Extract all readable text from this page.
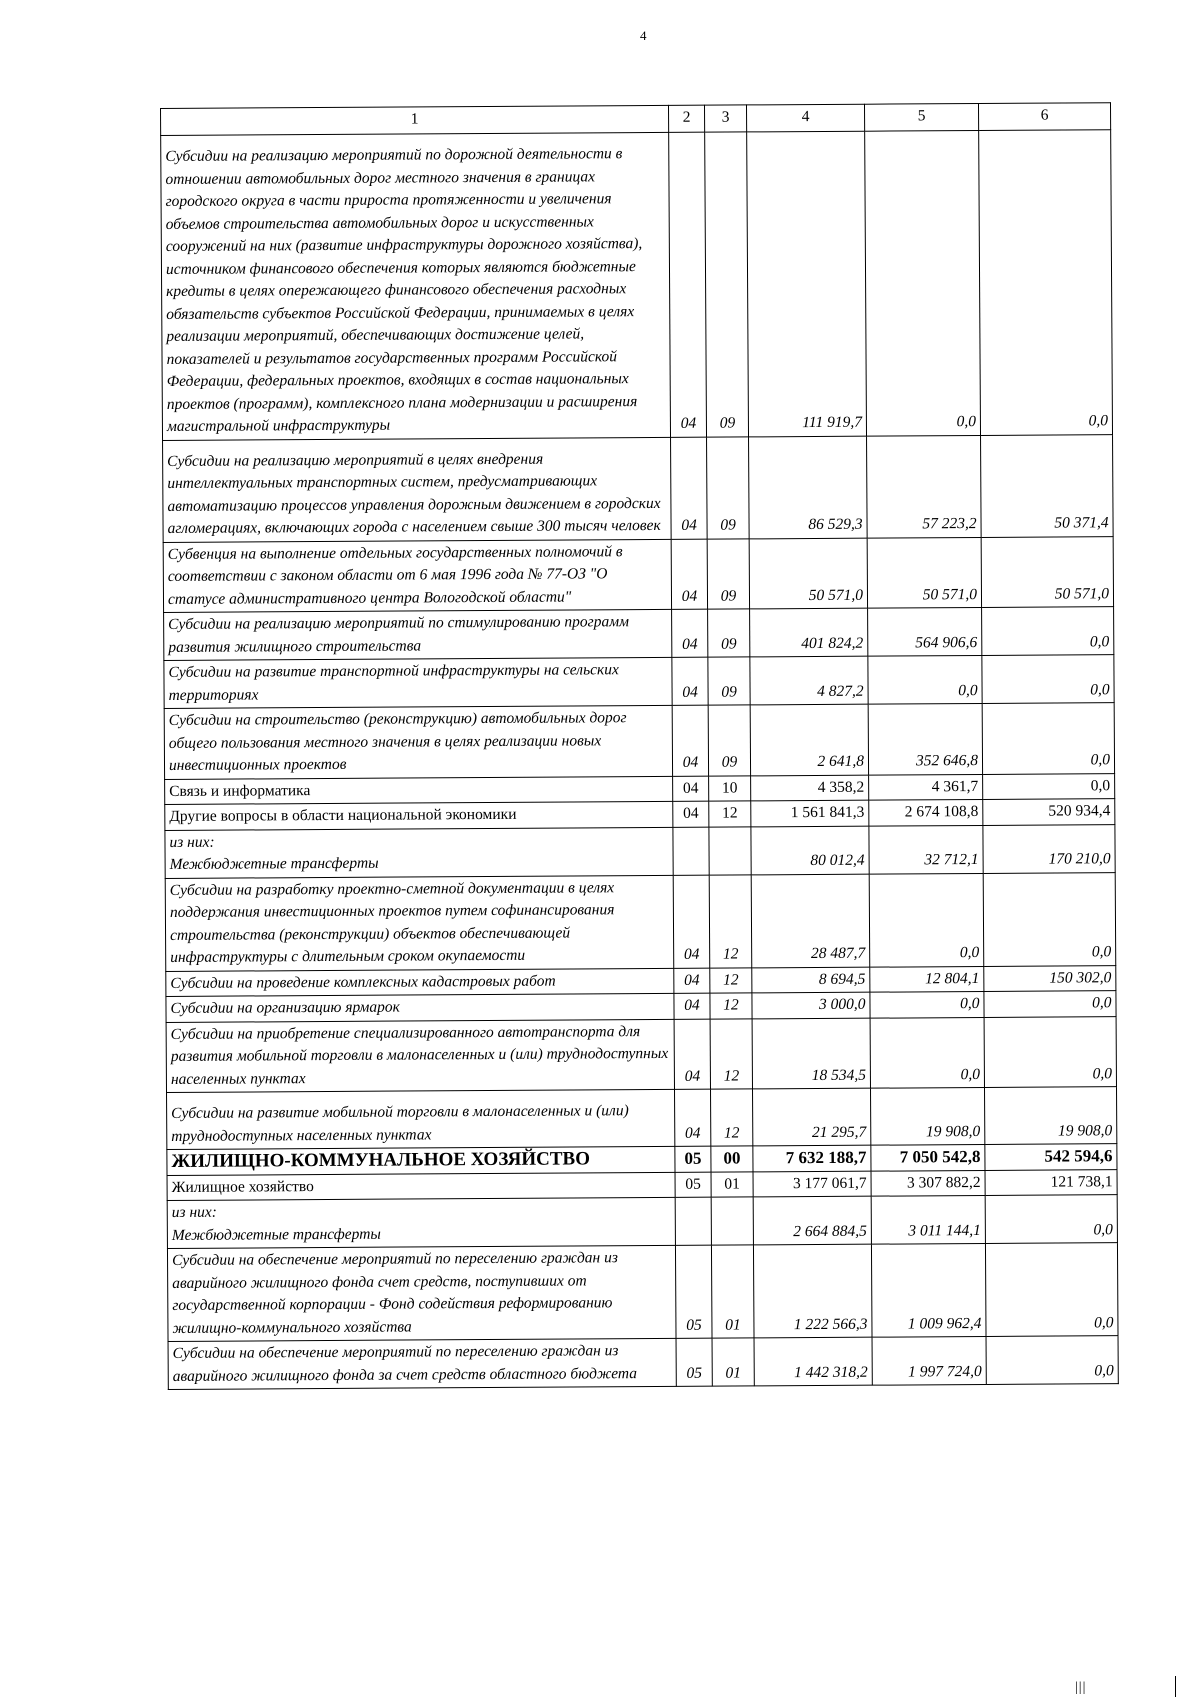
4
1	2	3	4	5	6
Субсидии на реализацию мероприятий по дорожной деятельности в отношении автомобильных дорог местного значения в границах городского округа в части прироста протяженности и увеличения объемов строительства автомобильных дорог и искусственных сооружений на них (развитие инфраструктуры дорожного хозяйства), источником финансового обеспечения которых являются бюджетные кредиты в целях опережающего финансового обеспечения расходных обязательств субъектов Российской Федерации, принимаемых в целях реализации мероприятий, обеспечивающих достижение целей, показателей и результатов государственных программ Российской Федерации, федеральных проектов, входящих в состав национальных проектов (программ), комплексного плана модернизации и расширения магистральной инфраструктуры	04	09	111 919,7	0,0	0,0
Субсидии на реализацию мероприятий в целях внедрения интеллектуальных транспортных систем, предусматривающих автоматизацию процессов управления дорожным движением в городских агломерациях, включающих города с населением свыше 300 тысяч человек	04	09	86 529,3	57 223,2	50 371,4
Субвенция на выполнение отдельных государственных полномочий в соответствии с законом области от 6 мая 1996 года № 77-ОЗ "О статусе административного центра Вологодской области"	04	09	50 571,0	50 571,0	50 571,0
Субсидии на реализацию мероприятий по стимулированию программ развития жилищного строительства	04	09	401 824,2	564 906,6	0,0
Субсидии на развитие транспортной инфраструктуры на сельских территориях	04	09	4 827,2	0,0	0,0
Субсидии на строительство (реконструкцию) автомобильных дорог общего пользования местного значения в целях реализации новых инвестиционных проектов	04	09	2 641,8	352 646,8	0,0
Связь и информатика	04	10	4 358,2	4 361,7	0,0
Другие вопросы в области национальной экономики	04	12	1 561 841,3	2 674 108,8	520 934,4
из них:
Межбюджетные трансферты			80 012,4	32 712,1	170 210,0
Субсидии на разработку проектно-сметной документации в целях поддержания инвестиционных проектов путем софинансирования строительства (реконструкции) объектов обеспечивающей инфраструктуры с длительным сроком окупаемости	04	12	28 487,7	0,0	0,0
Субсидии на проведение комплексных кадастровых работ	04	12	8 694,5	12 804,1	150 302,0
Субсидии на организацию ярмарок	04	12	3 000,0	0,0	0,0
Субсидии на приобретение специализированного автотранспорта для развития мобильной торговли в малонаселенных и (или) труднодоступных населенных пунктах	04	12	18 534,5	0,0	0,0
Субсидии на развитие мобильной торговли в малонаселенных и (или) труднодоступных населенных пунктах	04	12	21 295,7	19 908,0	19 908,0
ЖИЛИЩНО-КОММУНАЛЬНОЕ ХОЗЯЙСТВО	05	00	7 632 188,7	7 050 542,8	542 594,6
Жилищное хозяйство	05	01	3 177 061,7	3 307 882,2	121 738,1
из них:
Межбюджетные трансферты			2 664 884,5	3 011 144,1	0,0
Субсидии на обеспечение мероприятий по переселению граждан из аварийного жилищного фонда счет средств, поступивших от государственной корпорации - Фонд содействия реформированию жилищно-коммунального хозяйства	05	01	1 222 566,3	1 009 962,4	0,0
Субсидии на обеспечение мероприятий по переселению граждан из аварийного жилищного фонда за счет средств областного бюджета	05	01	1 442 318,2	1 997 724,0	0,0
|||
